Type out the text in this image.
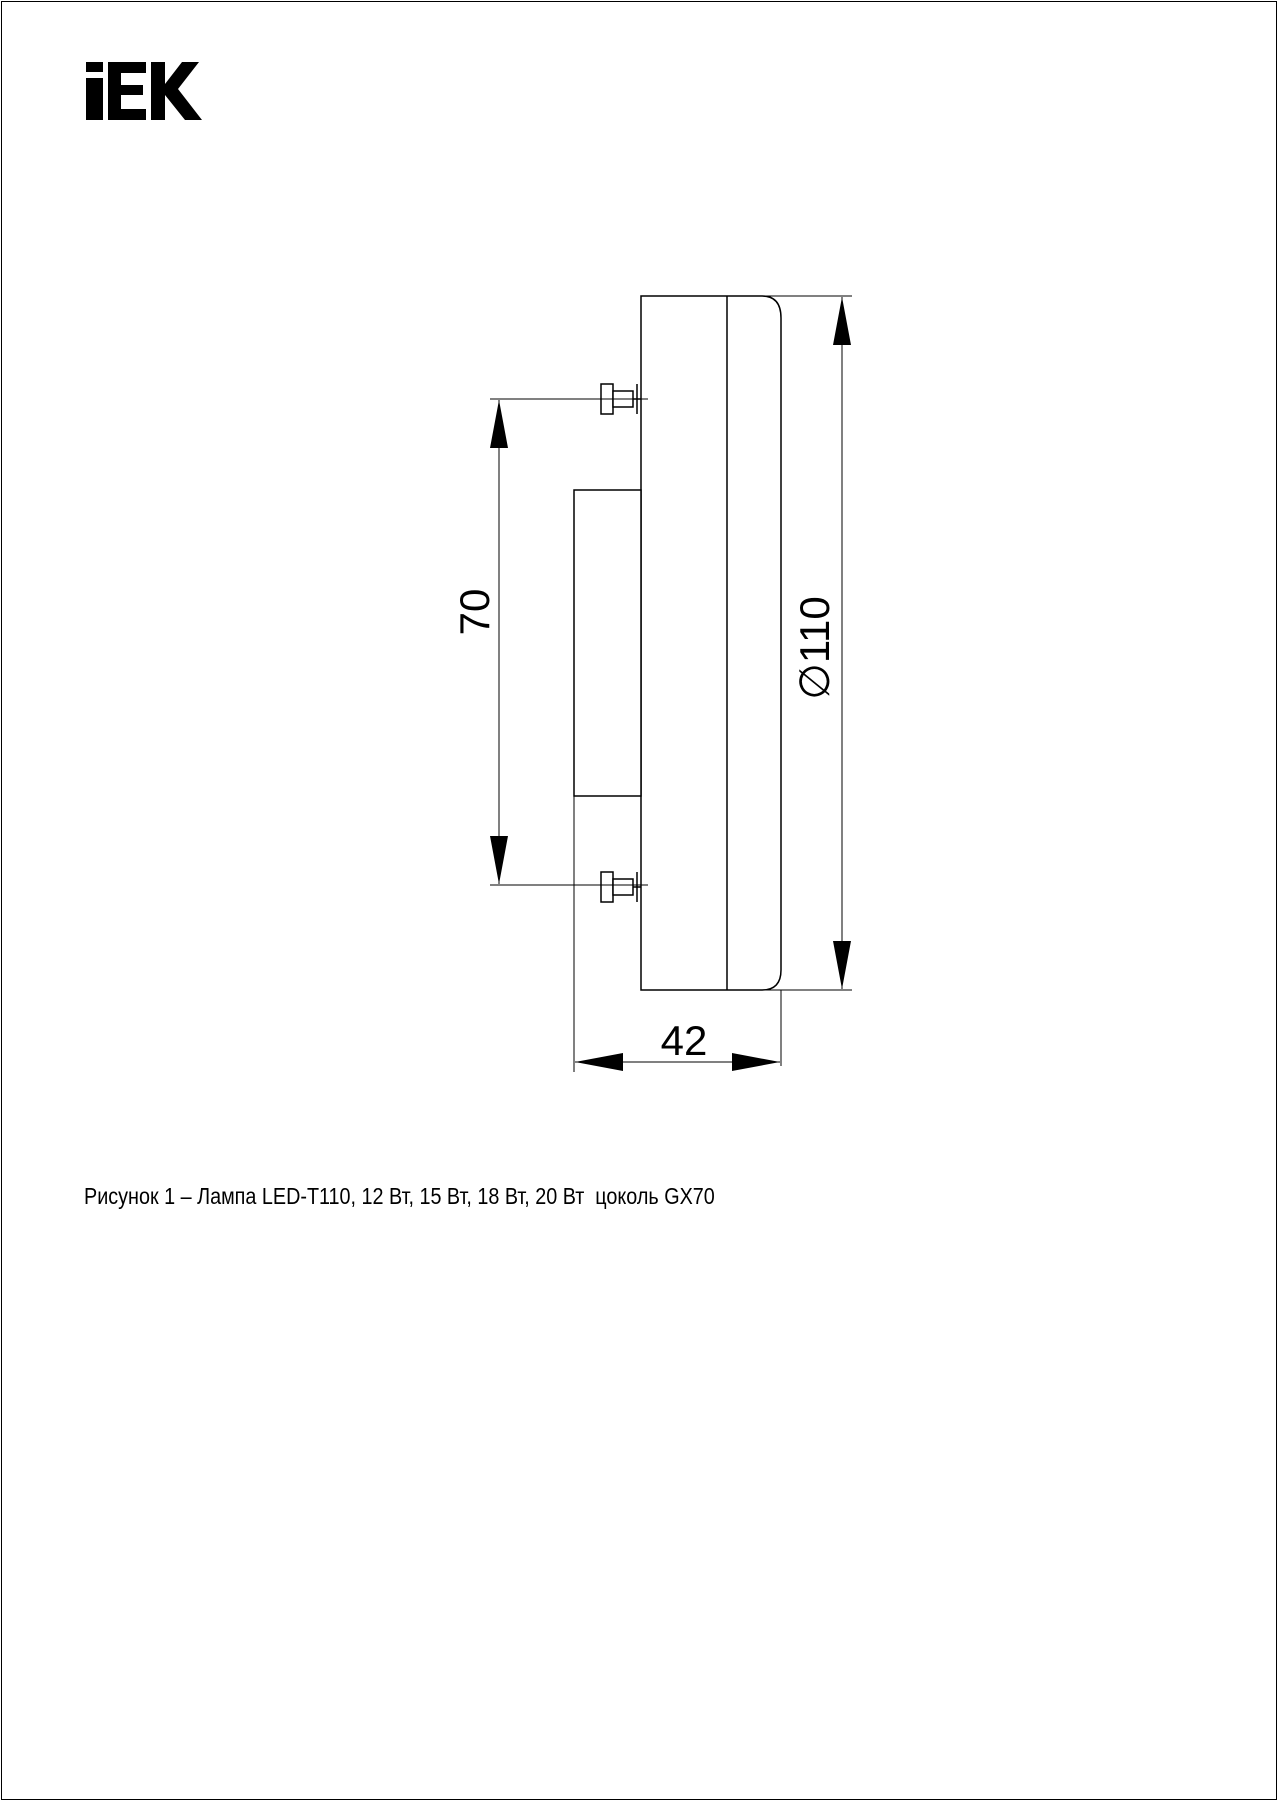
70	∅110
42
Рисунок 1 – Лампа LED-T110, 12 Вт, 15 Вт, 18 Вт, 20 Вт  цоколь GX70
